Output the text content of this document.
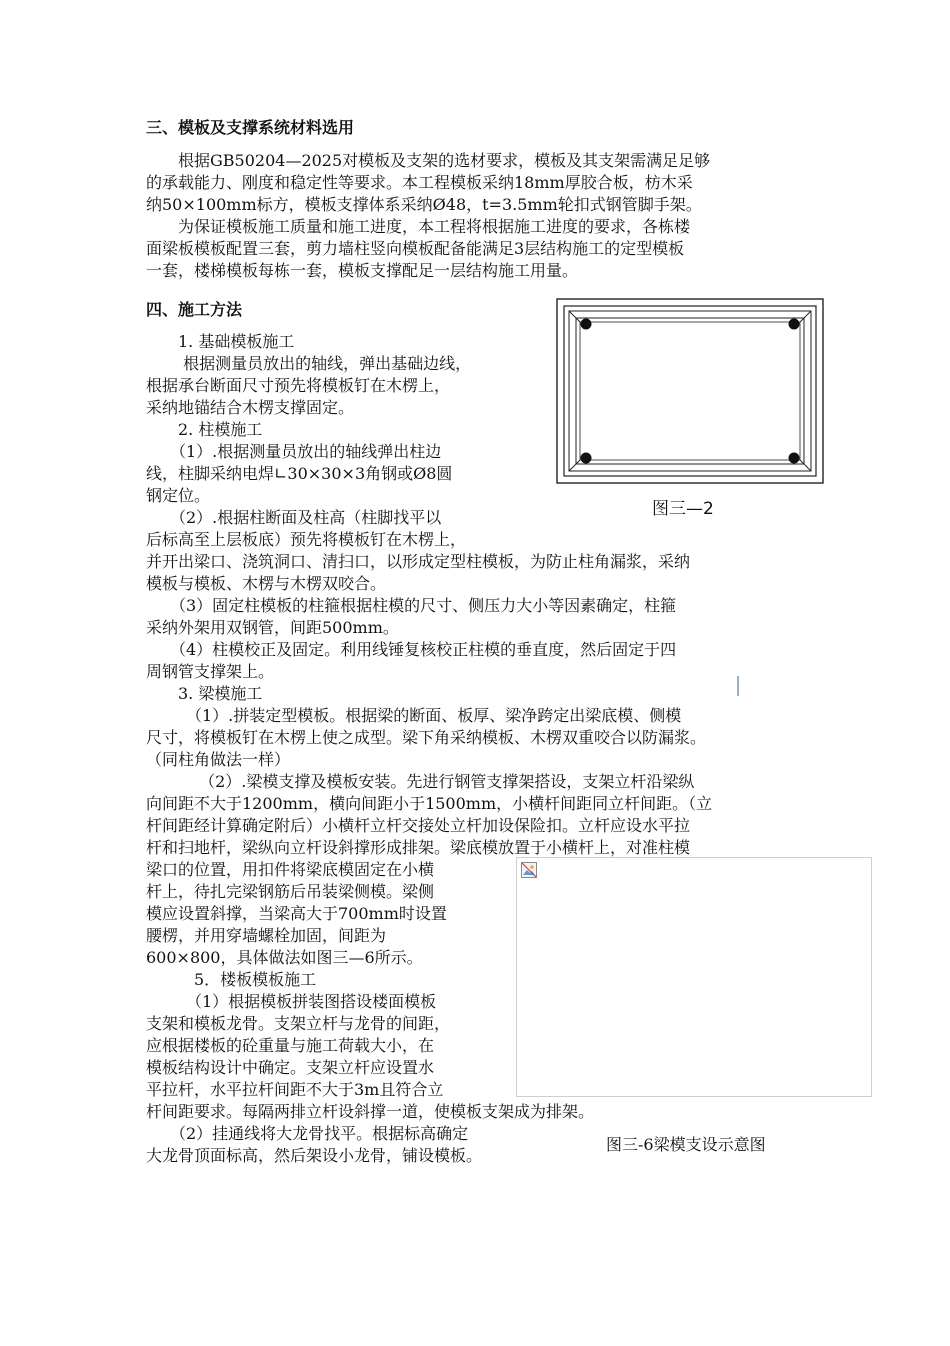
三、模板及支撑系统材料选用
　　根据GB50204—2025对模板及支架的选材要求，模板及其支架需满足足够
的承载能力、刚度和稳定性等要求。本工程模板采纳18mm厚胶合板，枋木采
纳50×100mm标方，模板支撑体系采纳Ø48，t=3.5mm轮扣式钢管脚手架。
　　为保证模板施工质量和施工进度，本工程将根据施工进度的要求，各栋楼
面梁板模板配置三套，剪力墙柱竖向模板配备能满足3层结构施工的定型模板
一套，楼梯模板每栋一套，模板支撑配足一层结构施工用量。
四、施工方法
　　1. 基础模板施工
　　 根据测量员放出的轴线，弹出基础边线，
根据承台断面尺寸预先将模板钉在木楞上，
采纳地锚结合木楞支撑固定。
　　2. 柱模施工
　　（1）.根据测量员放出的轴线弹出柱边
线，柱脚采纳电焊∟30×30×3角钢或Ø8圆
钢定位。
　　（2）.根据柱断面及柱高（柱脚找平以
后标高至上层板底）预先将模板钉在木楞上，
并开出梁口、浇筑洞口、清扫口，以形成定型柱模板，为防止柱角漏浆，采纳
模板与模板、木楞与木楞双咬合。
　　（3）固定柱模板的柱箍根据柱模的尺寸、侧压力大小等因素确定，柱箍
采纳外架用双钢管，间距500mm。
　　（4）柱模校正及固定。利用线锤复核校正柱模的垂直度，然后固定于四
周钢管支撑架上。
　　3. 梁模施工
　　　（1）.拼装定型模板。根据梁的断面、板厚、梁净跨定出梁底模、侧模
尺寸，将模板钉在木楞上使之成型。梁下角采纳模板、木楞双重咬合以防漏浆。
（同柱角做法一样）
　　　 （2）.梁模支撑及模板安装。先进行钢管支撑架搭设，支架立杆沿梁纵
向间距不大于1200mm，横向间距小于1500mm，小横杆间距同立杆间距。（立
杆间距经计算确定附后）小横杆立杆交接处立杆加设保险扣。立杆应设水平拉
杆和扫地杆，梁纵向立杆设斜撑形成排架。梁底模放置于小横杆上，对准柱模
梁口的位置，用扣件将梁底模固定在小横
杆上，待扎完梁钢筋后吊装梁侧模。梁侧
模应设置斜撑，当梁高大于700mm时设置
腰楞，并用穿墙螺栓加固，间距为
600×800，具体做法如图三—6所示。
　　　5．楼板模板施工
　　　（1）根据模板拼装图搭设楼面模板
支架和模板龙骨。支架立杆与龙骨的间距，
应根据楼板的砼重量与施工荷载大小，在
模板结构设计中确定。支架立杆应设置水
平拉杆，水平拉杆间距不大于3m且符合立
杆间距要求。每隔两排立杆设斜撑一道，使模板支架成为排架。
　　（2）挂通线将大龙骨找平。根据标高确定
大龙骨顶面标高，然后架设小龙骨，铺设模板。
图三—2
图三-6梁模支设示意图
